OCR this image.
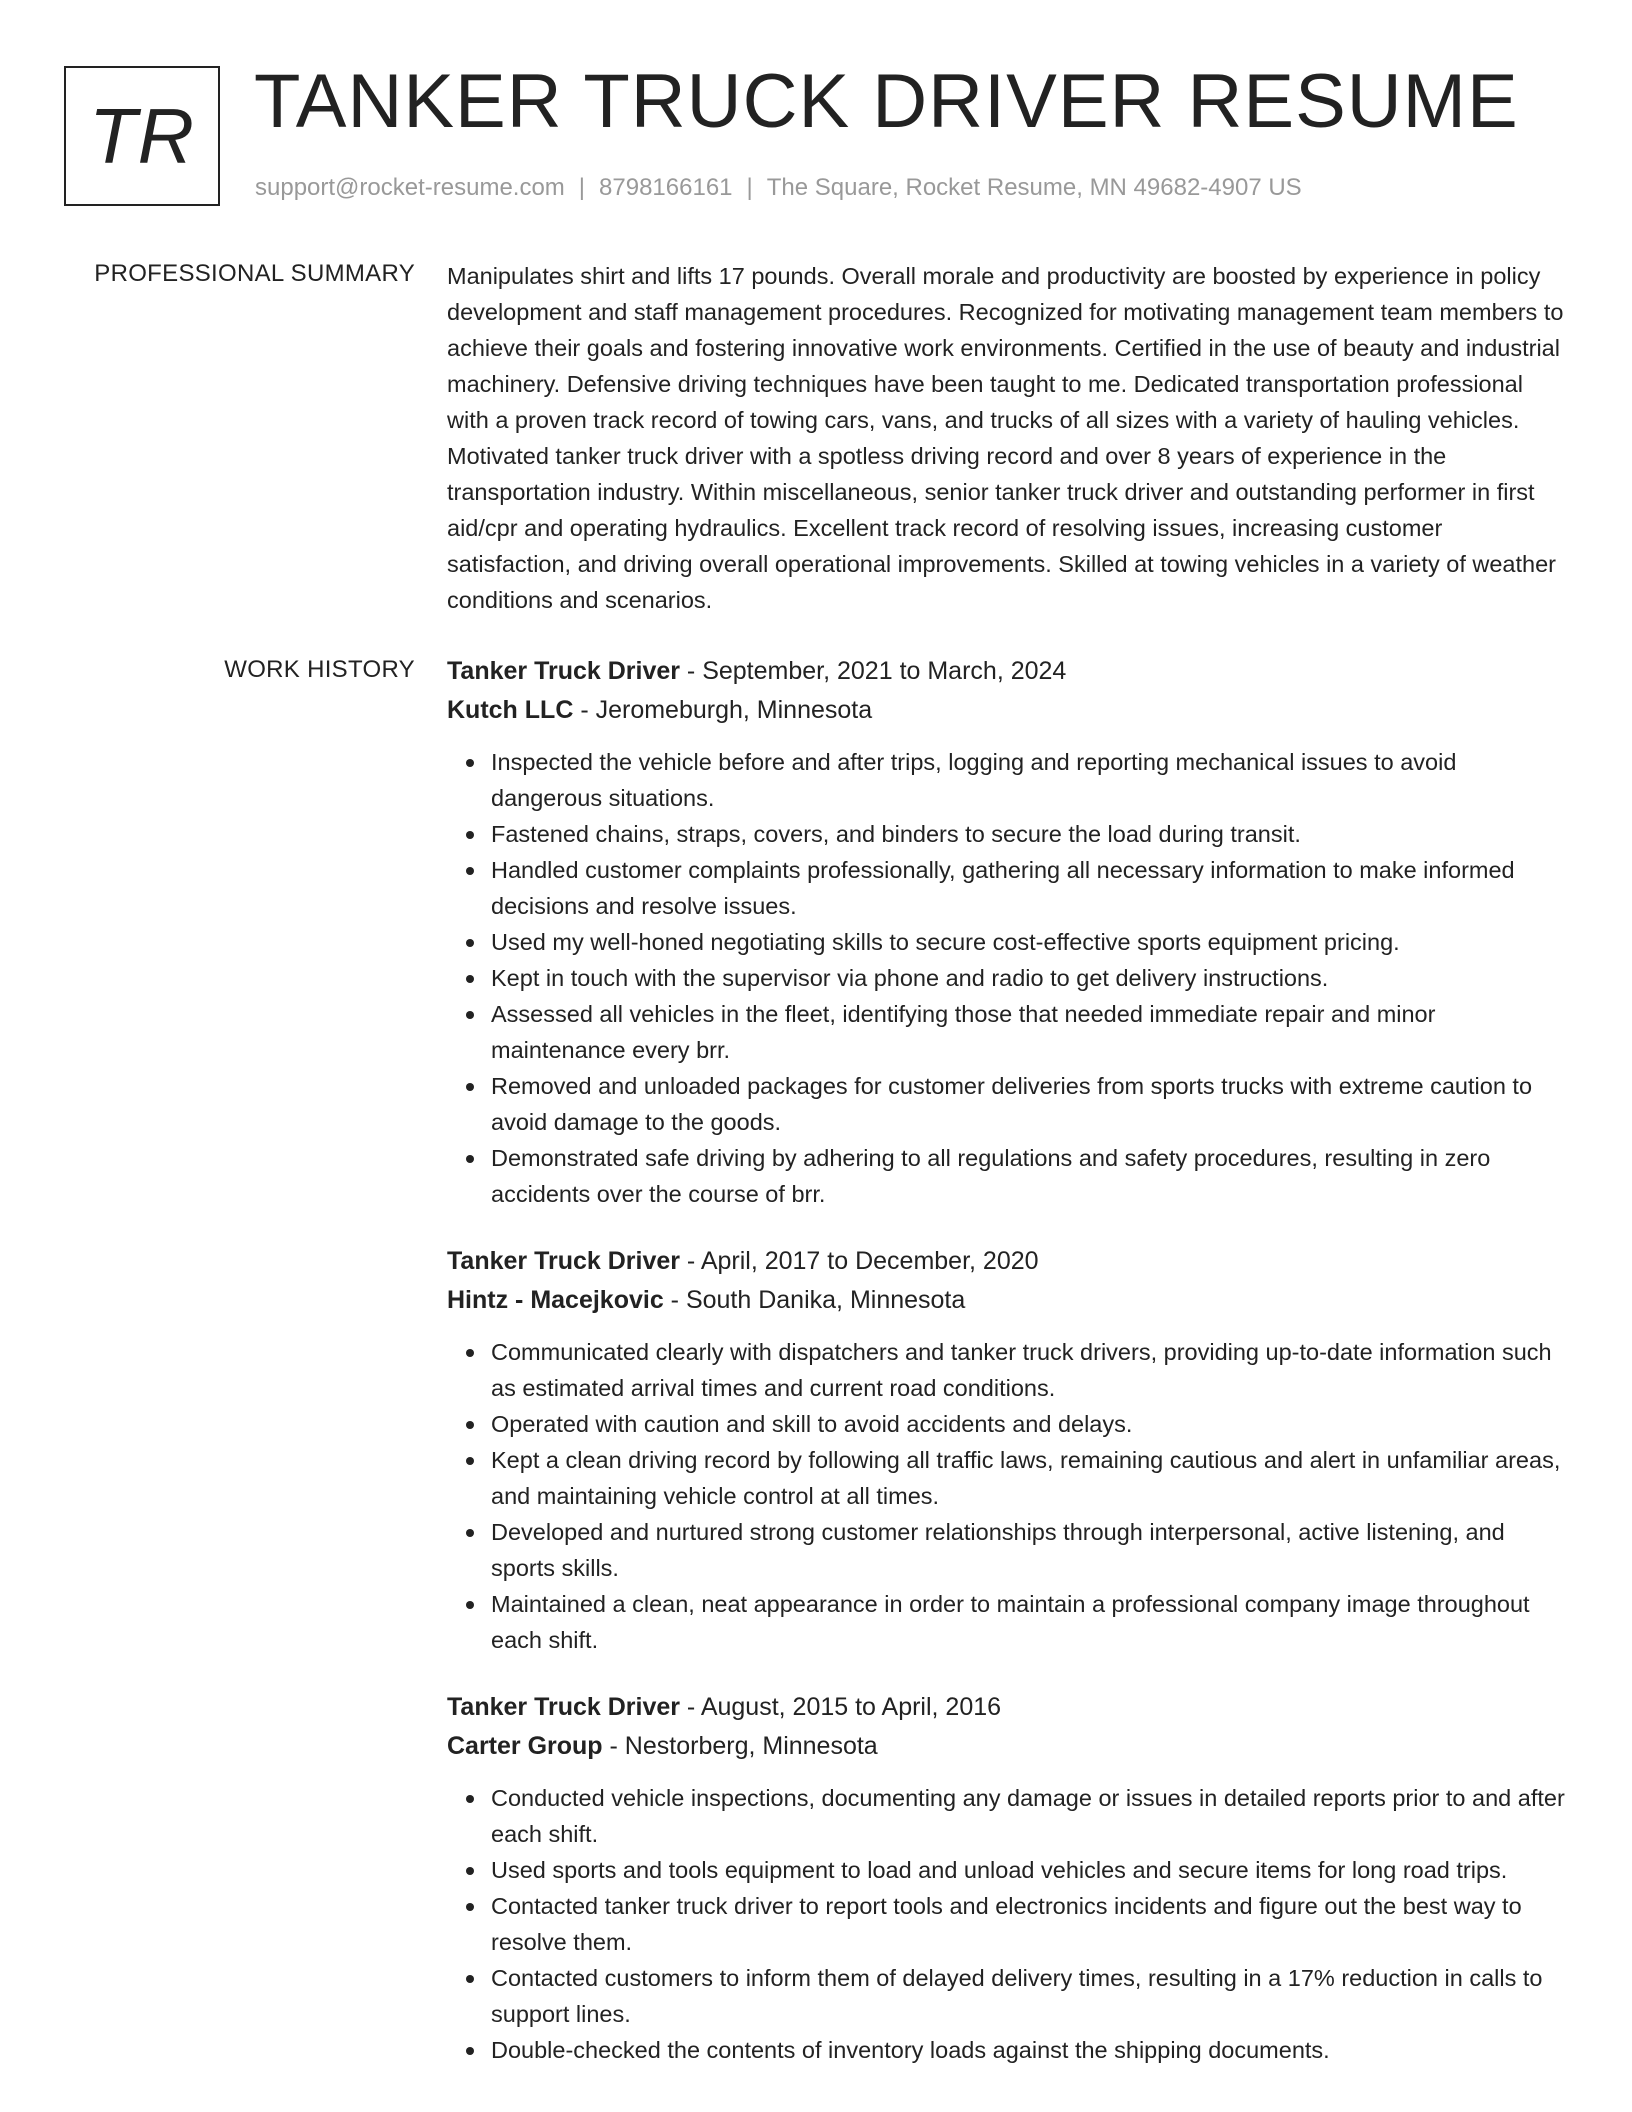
TR TANKER TRUCK DRIVER RESUME
support@rocket-resume.com | 8798166161 | The Square, Rocket Resume, MN 49682-4907 US
PROFESSIONAL SUMMARY Manipulates shirt and lifts 17 pounds. Overall morale and productivity are boosted by experience in policy development and staff management procedures. Recognized for motivating management team members to achieve their goals and fostering innovative work environments. Certified in the use of beauty and industrial machinery. Defensive driving techniques have been taught to me. Dedicated transportation professional with a proven track record of towing cars, vans, and trucks of all sizes with a variety of hauling vehicles. Motivated tanker truck driver with a spotless driving record and over 8 years of experience in the transportation industry. Within miscellaneous, senior tanker truck driver and outstanding performer in first aid/cpr and operating hydraulics. Excellent track record of resolving issues, increasing customer satisfaction, and driving overall operational improvements. Skilled at towing vehicles in a variety of weather conditions and scenarios.

WORK HISTORY Tanker Truck Driver - September, 2021 to March, 2024
Kutch LLC - Jeromeburgh, Minnesota
Inspected the vehicle before and after trips, logging and reporting mechanical issues to avoid dangerous situations.
Fastened chains, straps, covers, and binders to secure the load during transit.
Handled customer complaints professionally, gathering all necessary information to make informed decisions and resolve issues.
Used my well-honed negotiating skills to secure cost-effective sports equipment pricing.
Kept in touch with the supervisor via phone and radio to get delivery instructions.
Assessed all vehicles in the fleet, identifying those that needed immediate repair and minor maintenance every brr.
Removed and unloaded packages for customer deliveries from sports trucks with extreme caution to avoid damage to the goods.
Demonstrated safe driving by adhering to all regulations and safety procedures, resulting in zero accidents over the course of brr.
Tanker Truck Driver - April, 2017 to December, 2020
Hintz - Macejkovic - South Danika, Minnesota
Communicated clearly with dispatchers and tanker truck drivers, providing up-to-date information such as estimated arrival times and current road conditions.
Operated with caution and skill to avoid accidents and delays.
Kept a clean driving record by following all traffic laws, remaining cautious and alert in unfamiliar areas, and maintaining vehicle control at all times.
Developed and nurtured strong customer relationships through interpersonal, active listening, and sports skills.
Maintained a clean, neat appearance in order to maintain a professional company image throughout each shift.
Tanker Truck Driver - August, 2015 to April, 2016
Carter Group - Nestorberg, Minnesota
Conducted vehicle inspections, documenting any damage or issues in detailed reports prior to and after each shift.
Used sports and tools equipment to load and unload vehicles and secure items for long road trips.
Contacted tanker truck driver to report tools and electronics incidents and figure out the best way to resolve them.
Contacted customers to inform them of delayed delivery times, resulting in a 17% reduction in calls to support lines.
Double-checked the contents of inventory loads against the shipping documents.
